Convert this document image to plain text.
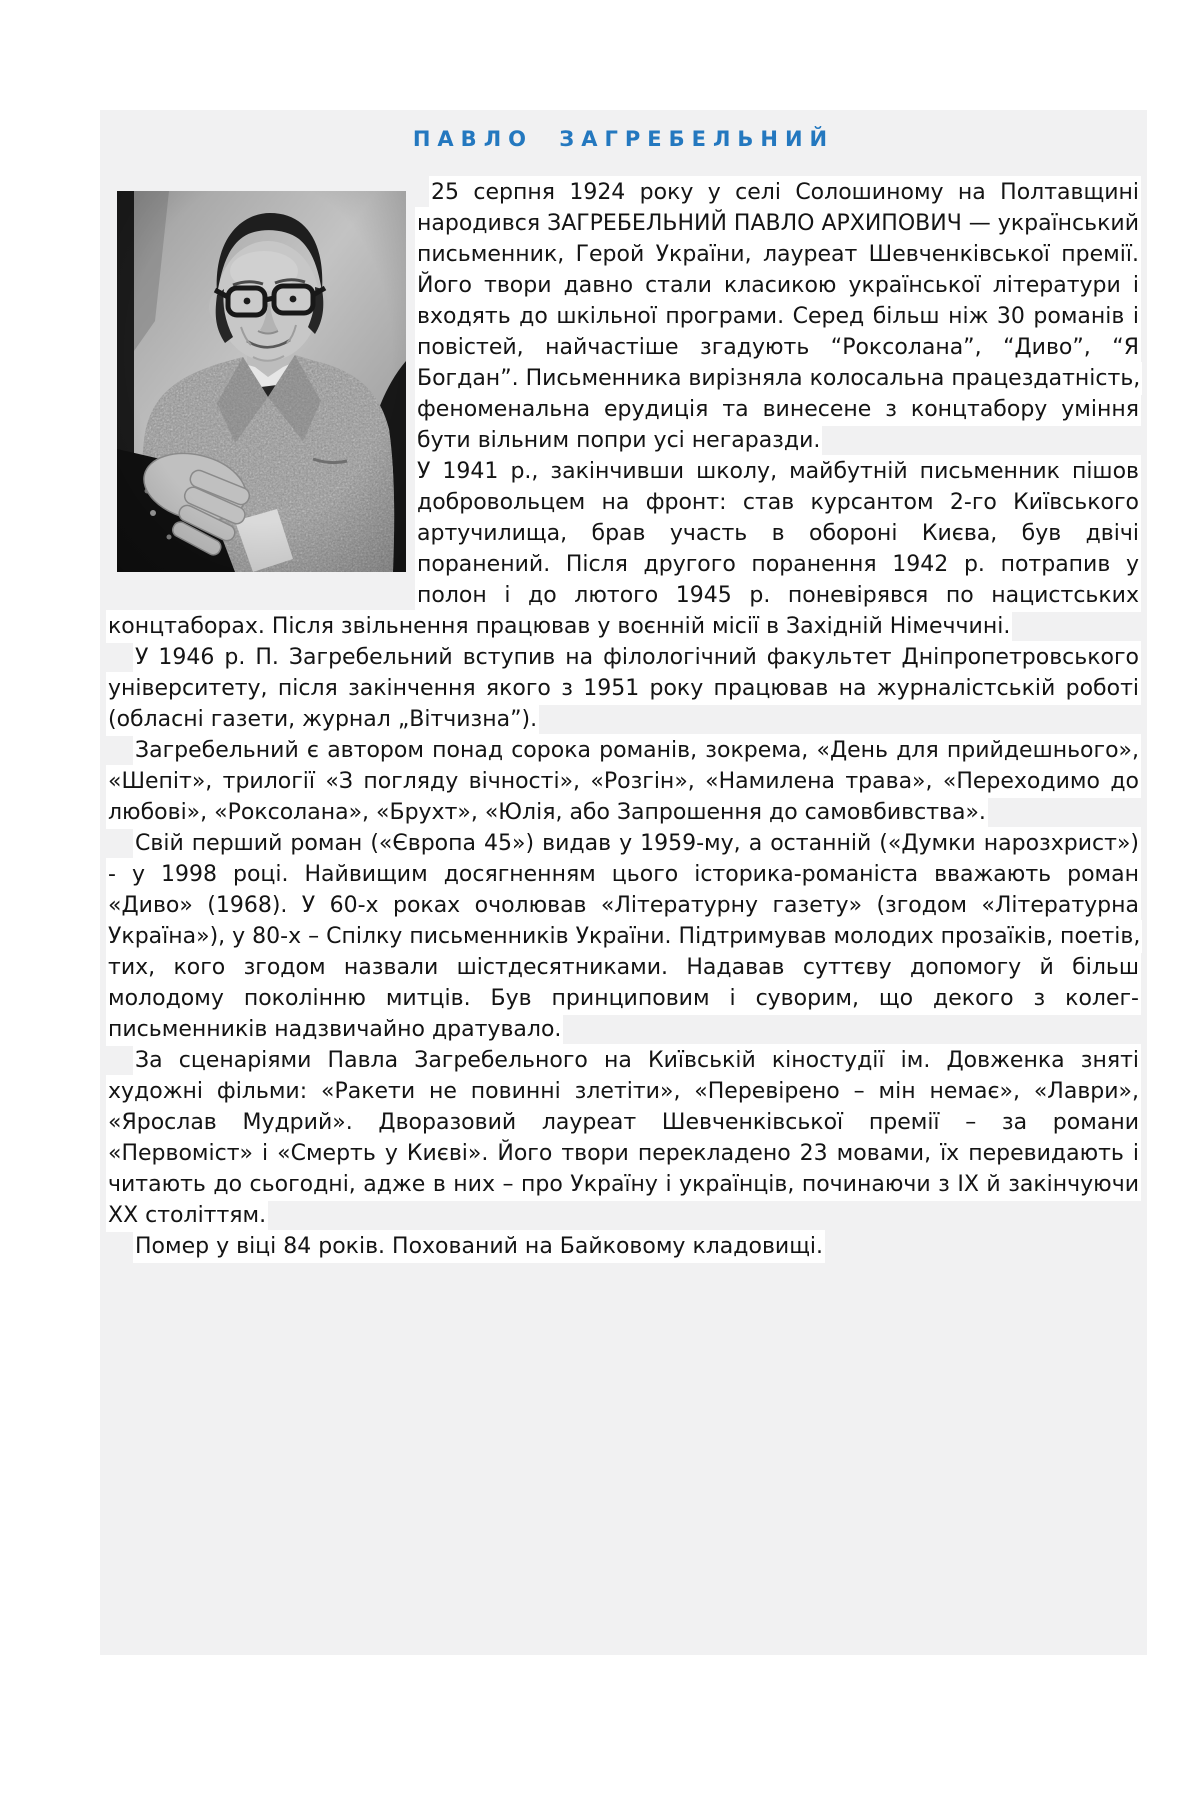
ПАВЛО ЗАГРЕБЕЛЬНИЙ

25 серпня 1924 року у селі Солошиному на Полтавщині народився ЗАГРЕБЕЛЬНИЙ ПАВЛО АРХИПОВИЧ — український письменник, Герой України, лауреат Шевченківської премії. Його твори давно стали класикою української літератури і входять до шкільної програми. Серед більш ніж 30 романів і повістей, найчастіше згадують “Роксолана”, “Диво”, “Я Богдан”. Письменника вирізняла колосальна працездатність, феноменальна ерудиція та винесене з концтабору уміння бути вільним попри усі негаразди.

У 1941 р., закінчивши школу, майбутній письменник пішов добровольцем на фронт: став курсантом 2-го Київського артучилища, брав участь в обороні Києва, був двічі поранений. Після другого поранення 1942 р. потрапив у полон і до лютого 1945 р. поневірявся по нацистських концтаборах. Після звільнення працював у воєнній місії в Західній Німеччині.

У 1946 р. П. Загребельний вступив на філологічний факультет Дніпропетровського університету, після закінчення якого з 1951 року працював на журналістській роботі (обласні газети, журнал „Вітчизна”).

Загребельний є автором понад сорока романів, зокрема, «День для прийдешнього», «Шепіт», трилогії «З погляду вічності», «Розгін», «Намилена трава», «Переходимо до любові», «Роксолана», «Брухт», «Юлія, або Запрошення до самовбивства».

Свій перший роман («Європа 45») видав у 1959-му, а останній («Думки нарозхрист») - у 1998 році. Найвищим досягненням цього історика-романіста вважають роман «Диво» (1968). У 60-х роках очолював «Літературну газету» (згодом «Літературна Україна»), у 80-х – Спілку письменників України. Підтримував молодих прозаїків, поетів, тих, кого згодом назвали шістдесятниками. Надавав суттєву допомогу й більш молодому поколінню митців. Був принциповим і суворим, що декого з колег-письменників надзвичайно дратувало.

За сценаріями Павла Загребельного на Київській кіностудії ім. Довженка зняті художні фільми: «Ракети не повинні злетіти», «Перевірено – мін немає», «Лаври», «Ярослав Мудрий». Дворазовий лауреат Шевченківської премії – за романи «Первоміст» і «Смерть у Києві». Його твори перекладено 23 мовами, їх перевидають і читають до сьогодні, адже в них – про Україну і українців, починаючи з ІХ й закінчуючи ХХ століттям.

Помер у віці 84 років. Похований на Байковому кладовищі.
